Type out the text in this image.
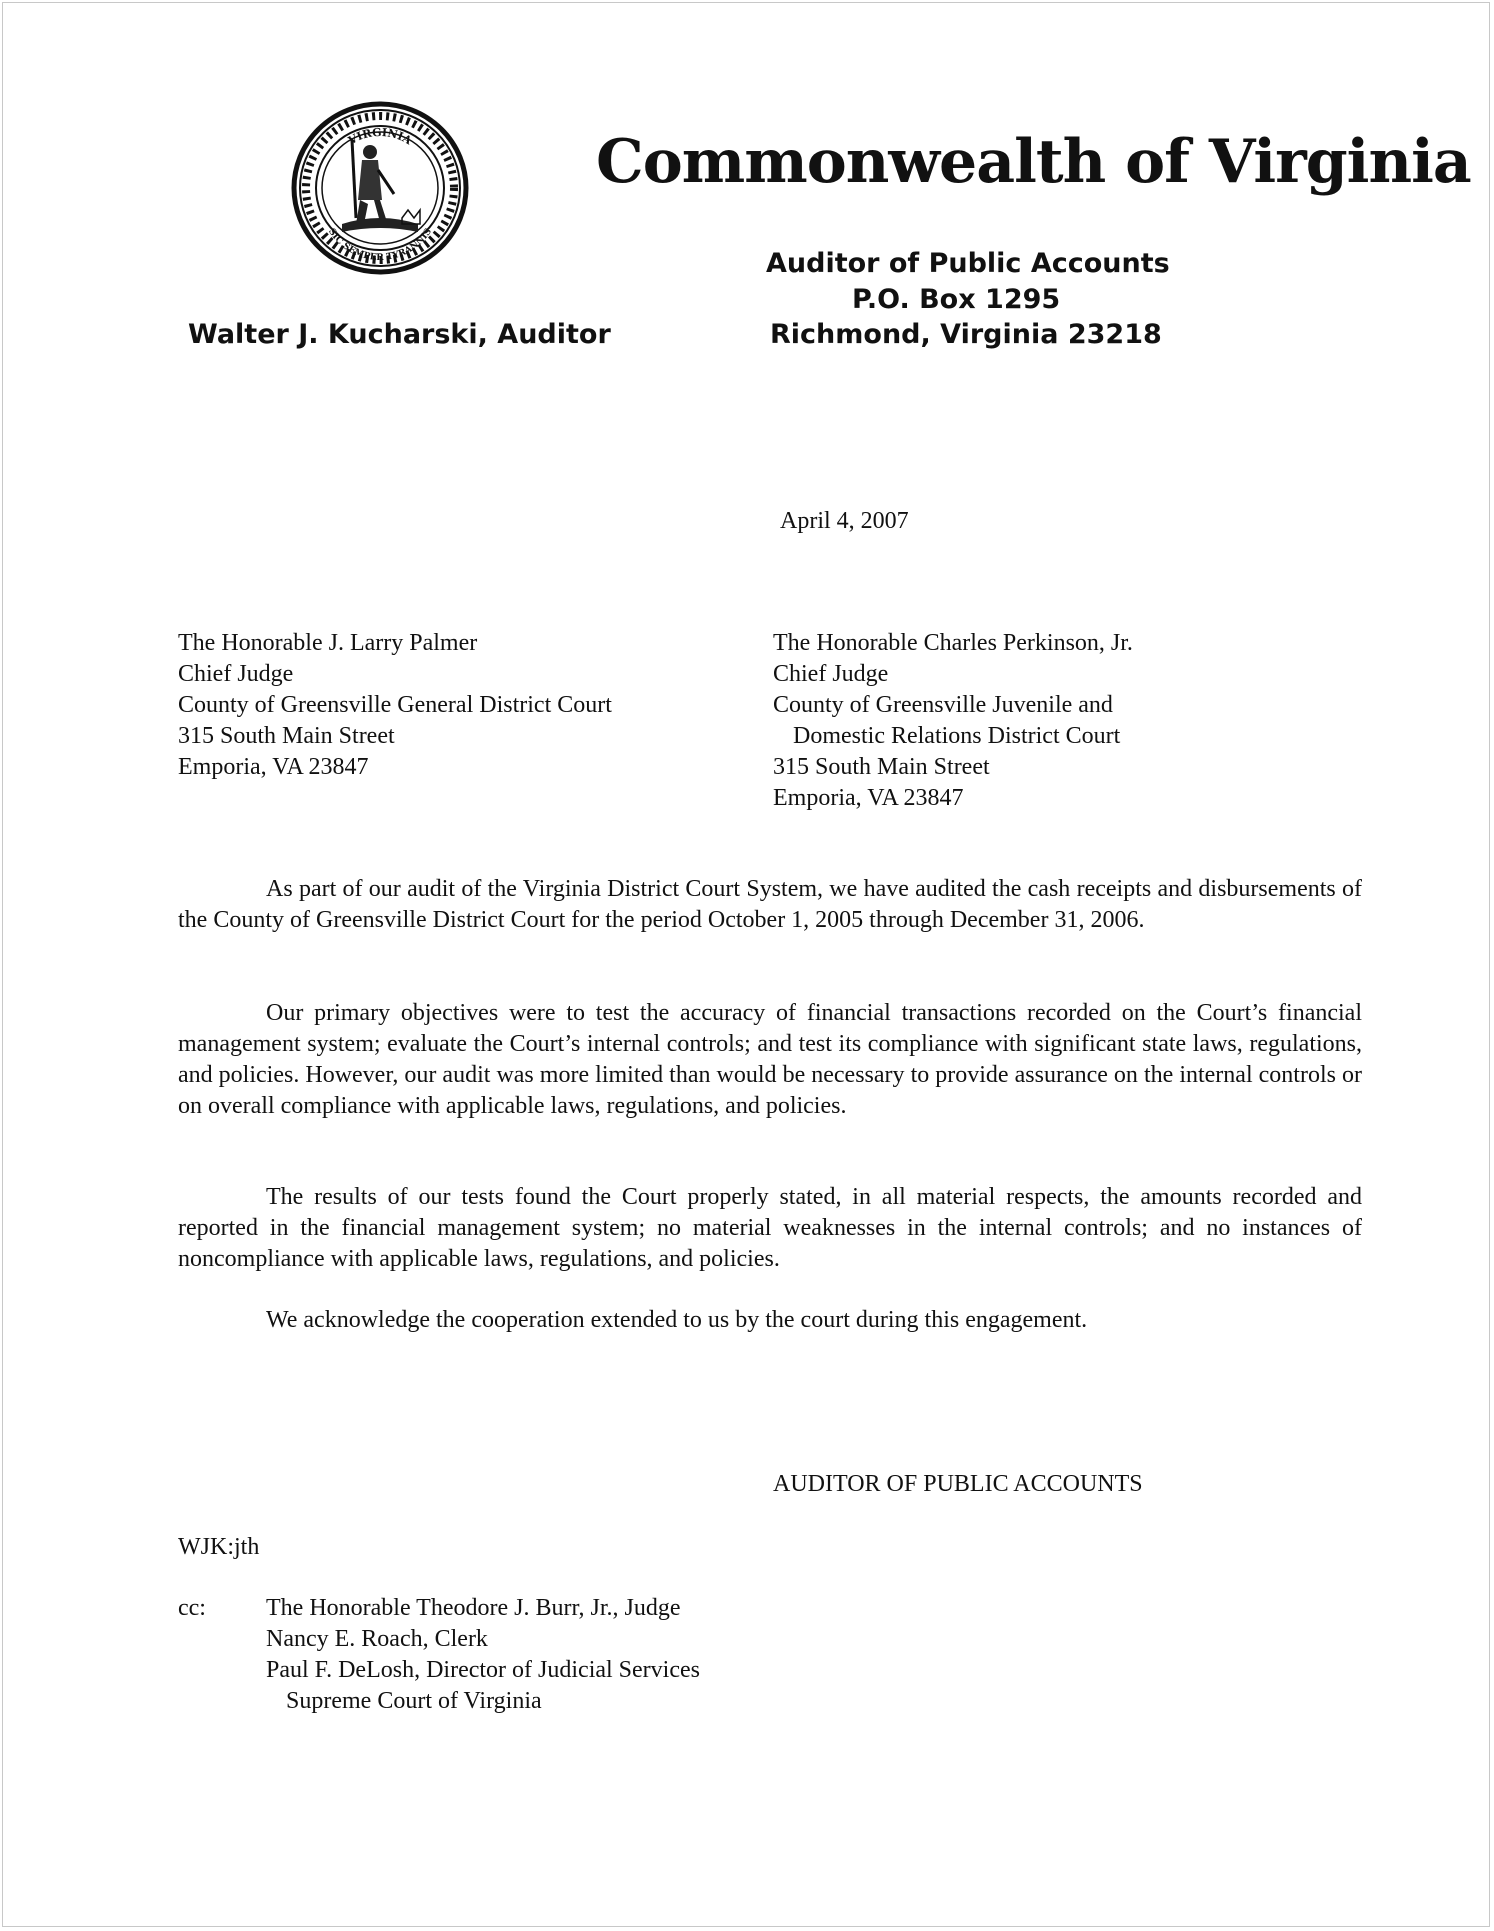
VIRGINIA
SIC SEMPER TYRANNIS
Commonwealth of Virginia
Auditor of Public Accounts
P.O. Box 1295
Richmond, Virginia 23218
Walter J. Kucharski, Auditor
April 4, 2007
The Honorable J. Larry Palmer
Chief Judge
County of Greensville General District Court
315 South Main Street
Emporia, VA 23847
The Honorable Charles Perkinson, Jr.
Chief Judge
County of Greensville Juvenile and
Domestic Relations District Court
315 South Main Street
Emporia, VA 23847

As part of our audit of the Virginia District Court System, we have audited the cash receipts and disbursements of the County of Greensville District Court for the period October 1, 2005 through December 31, 2006.

Our primary objectives were to test the accuracy of financial transactions recorded on the Court’s financial management system; evaluate the Court’s internal controls; and test its compliance with significant state laws, regulations, and policies. However, our audit was more limited than would be necessary to provide assurance on the internal controls or on overall compliance with applicable laws, regulations, and policies.

The results of our tests found the Court properly stated, in all material respects, the amounts recorded and reported in the financial management system; no material weaknesses in the internal controls; and no instances of noncompliance with applicable laws, regulations, and policies.

We acknowledge the cooperation extended to us by the court during this engagement.

AUDITOR OF PUBLIC ACCOUNTS
WJK:jth
cc:	The Honorable Theodore J. Burr, Jr., Judge
Nancy E. Roach, Clerk
Paul F. DeLosh, Director of Judicial Services
Supreme Court of Virginia
